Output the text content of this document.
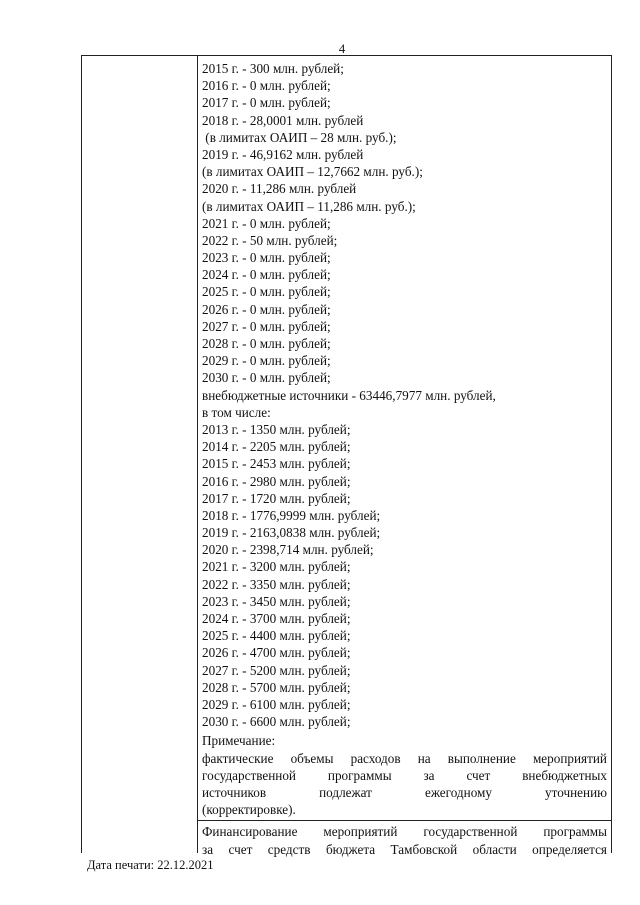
4
2015 г. - 300 млн. рублей;
2016 г. - 0 млн. рублей;
2017 г. - 0 млн. рублей;
2018 г. - 28,0001 млн. рублей
(в лимитах ОАИП – 28 млн. руб.);
2019 г. - 46,9162 млн. рублей
(в лимитах ОАИП – 12,7662 млн. руб.);
2020 г. - 11,286 млн. рублей
(в лимитах ОАИП – 11,286 млн. руб.);
2021 г. - 0 млн. рублей;
2022 г. - 50 млн. рублей;
2023 г. - 0 млн. рублей;
2024 г. - 0 млн. рублей;
2025 г. - 0 млн. рублей;
2026 г. - 0 млн. рублей;
2027 г. - 0 млн. рублей;
2028 г. - 0 млн. рублей;
2029 г. - 0 млн. рублей;
2030 г. - 0 млн. рублей;
внебюджетные источники - 63446,7977 млн. рублей,
в том числе:
2013 г. - 1350 млн. рублей;
2014 г. - 2205 млн. рублей;
2015 г. - 2453 млн. рублей;
2016 г. - 2980 млн. рублей;
2017 г. - 1720 млн. рублей;
2018 г. - 1776,9999 млн. рублей;
2019 г. - 2163,0838 млн. рублей;
2020 г. - 2398,714 млн. рублей;
2021 г. - 3200 млн. рублей;
2022 г. - 3350 млн. рублей;
2023 г. - 3450 млн. рублей;
2024 г. - 3700 млн. рублей;
2025 г. - 4400 млн. рублей;
2026 г. - 4700 млн. рублей;
2027 г. - 5200 млн. рублей;
2028 г. - 5700 млн. рублей;
2029 г. - 6100 млн. рублей;
2030 г. - 6600 млн. рублей;
Примечание:
фактические объемы расходов на выполнение мероприятий
государственной программы за счет внебюджетных
источников подлежат ежегодному уточнению
(корректировке).
Финансирование мероприятий государственной программы
за счет средств бюджета Тамбовской области определяется
Дата печати: 22.12.2021
